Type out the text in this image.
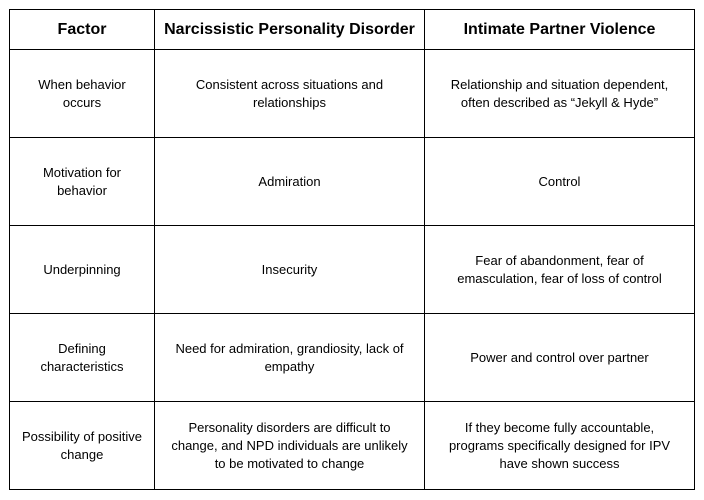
Factor	Narcissistic Personality Disorder	Intimate Partner Violence
When behavior occurs	Consistent across situations and relationships	Relationship and situation dependent, often described as “Jekyll & Hyde”
Motivation for behavior	Admiration	Control
Underpinning	Insecurity	Fear of abandonment, fear of emasculation, fear of loss of control
Defining characteristics	Need for admiration, grandiosity, lack of empathy	Power and control over partner
Possibility of positive change	Personality disorders are difficult to change, and NPD individuals are unlikely to be motivated to change	If they become fully accountable, programs specifically designed for IPV have shown success
